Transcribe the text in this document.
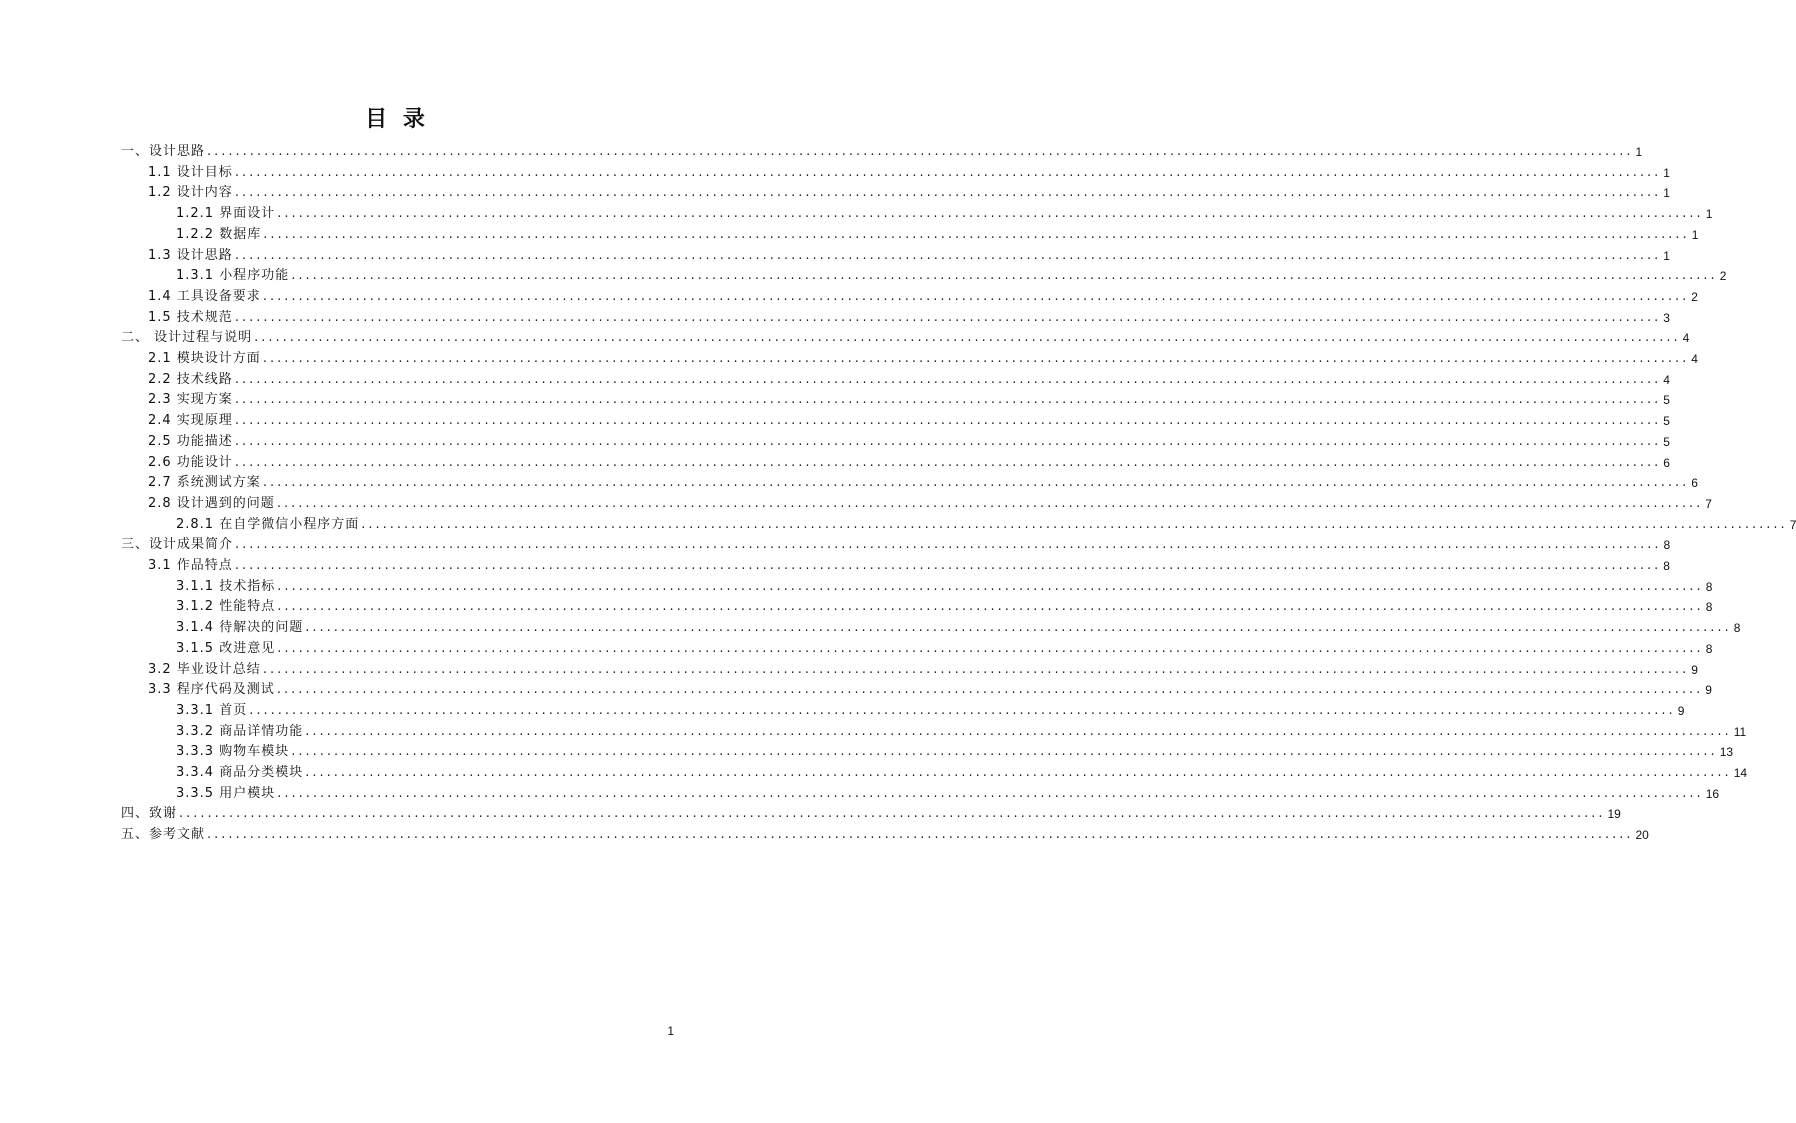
目 录
一、设计思路 ........................................................................................................................................................................................................ 1
1.1 设计目标 ........................................................................................................................................................................................................ 1
1.2 设计内容 ........................................................................................................................................................................................................ 1
1.2.1 界面设计 ........................................................................................................................................................................................................ 1
1.2.2 数据库 ........................................................................................................................................................................................................ 1
1.3 设计思路 ........................................................................................................................................................................................................ 1
1.3.1 小程序功能 ........................................................................................................................................................................................................ 2
1.4 工具设备要求 ........................................................................................................................................................................................................ 2
1.5 技术规范 ........................................................................................................................................................................................................ 3
二、 设计过程与说明 ........................................................................................................................................................................................................ 4
2.1 模块设计方面 ........................................................................................................................................................................................................ 4
2.2 技术线路 ........................................................................................................................................................................................................ 4
2.3 实现方案 ........................................................................................................................................................................................................ 5
2.4 实现原理 ........................................................................................................................................................................................................ 5
2.5 功能描述 ........................................................................................................................................................................................................ 5
2.6 功能设计 ........................................................................................................................................................................................................ 6
2.7 系统测试方案 ........................................................................................................................................................................................................ 6
2.8 设计遇到的问题 ........................................................................................................................................................................................................ 7
2.8.1 在自学微信小程序方面 ........................................................................................................................................................................................................ 7
三、设计成果简介 ........................................................................................................................................................................................................ 8
3.1 作品特点 ........................................................................................................................................................................................................ 8
3.1.1 技术指标 ........................................................................................................................................................................................................ 8
3.1.2 性能特点 ........................................................................................................................................................................................................ 8
3.1.4 待解决的问题 ........................................................................................................................................................................................................ 8
3.1.5 改进意见 ........................................................................................................................................................................................................ 8
3.2 毕业设计总结 ........................................................................................................................................................................................................ 9
3.3 程序代码及测试 ........................................................................................................................................................................................................ 9
3.3.1 首页 ........................................................................................................................................................................................................ 9
3.3.2 商品详情功能 ........................................................................................................................................................................................................ 11
3.3.3 购物车模块 ........................................................................................................................................................................................................ 13
3.3.4 商品分类模块 ........................................................................................................................................................................................................ 14
3.3.5 用户模块 ........................................................................................................................................................................................................ 16
四、致谢 ........................................................................................................................................................................................................ 19
五、参考文献 ........................................................................................................................................................................................................ 20
1
